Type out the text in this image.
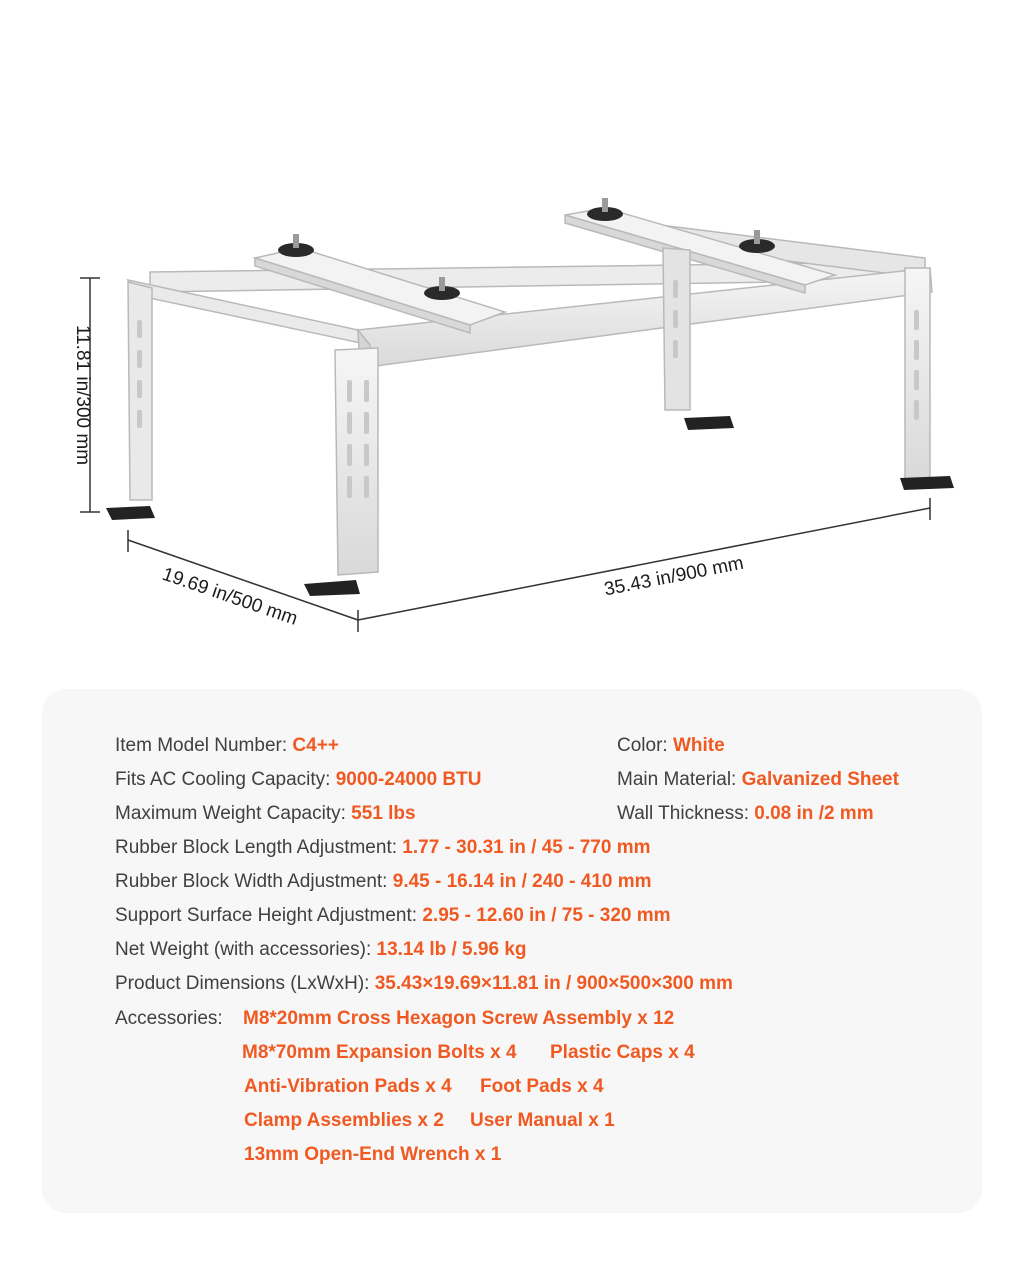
11.81 in/300 mm
19.69 in/500 mm	35.43 in/900 mm
Item Model Number: C4++	Color: White
Fits AC Cooling Capacity: 9000-24000 BTU	Main Material: Galvanized Sheet
Maximum Weight Capacity: 551 lbs	Wall Thickness: 0.08 in /2 mm
Rubber Block Length Adjustment: 1.77 - 30.31 in / 45 - 770 mm
Rubber Block Width Adjustment: 9.45 - 16.14 in / 240 - 410 mm
Support Surface Height Adjustment: 2.95 - 12.60 in / 75 - 320 mm
Net Weight (with accessories): 13.14 lb / 5.96 kg
Product Dimensions (LxWxH): 35.43×19.69×11.81 in / 900×500×300 mm
Accessories: M8*20mm Cross Hexagon Screw Assembly x 12
M8*70mm Expansion Bolts x 4 Plastic Caps x 4
Anti-Vibration Pads x 4 Foot Pads x 4
Clamp Assemblies x 2 User Manual x 1
13mm Open-End Wrench x 1
